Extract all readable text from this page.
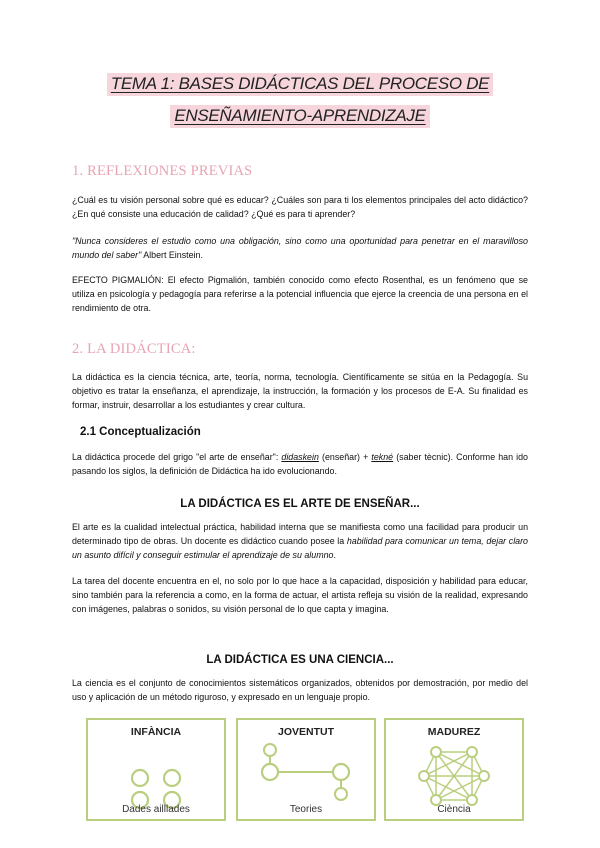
TEMA 1: BASES DIDÁCTICAS DEL PROCESO DE
ENSEÑAMIENTO-APRENDIZAJE
1. REFLEXIONES PREVIAS
¿Cuál es tu visión personal sobre qué es educar? ¿Cuáles son para ti los elementos principales del acto didáctico? ¿En qué consiste una educación de calidad? ¿Qué es para ti aprender?
"Nunca consideres el estudio como una obligación, sino como una oportunidad para penetrar en el maravilloso mundo del saber" Albert Einstein.
EFECTO PIGMALIÓN: El efecto Pigmalión, también conocido como efecto Rosenthal, es un fenómeno que se utiliza en psicología y pedagogía para referirse a la potencial influencia que ejerce la creencia de una persona en el rendimiento de otra.
2. LA DIDÁCTICA:
La didáctica es la ciencia técnica, arte, teoría, norma, tecnología. Científicamente se sitúa en la Pedagogía. Su objetivo es tratar la enseñanza, el aprendizaje, la instrucción, la formación y los procesos de E-A. Su finalidad es formar, instruir, desarrollar a los estudiantes y crear cultura.
2.1 Conceptualización
La didáctica procede del grigo "el arte de enseñar": didaskein (enseñar) + tekné (saber tècnic). Conforme han ido pasando los siglos, la definición de Didáctica ha ido evolucionando.
LA DIDÁCTICA ES EL ARTE DE ENSEÑAR...
El arte es la cualidad intelectual práctica, habilidad interna que se manifiesta como una facilidad para producir un determinado tipo de obras. Un docente es didáctico cuando posee la habilidad para comunicar un tema, dejar claro un asunto difícil y conseguir estimular el aprendizaje de su alumno.
La tarea del docente encuentra en el, no solo por lo que hace a la capacidad, disposición y habilidad para educar, sino también para la referencia a como, en la forma de actuar, el artista refleja su visión de la realidad, expresando con imágenes, palabras o sonidos, su visión personal de lo que capta y imagina.
LA DIDÁCTICA ES UNA CIENCIA...
La ciencia es el conjunto de conocimientos sistemáticos organizados, obtenidos por demostración, por medio del uso y aplicación de un método riguroso, y expresado en un lenguaje propio.
INFÀNCIA
Dades ailllades
JOVENTUT
Teories
MADUREZ
Ciència
